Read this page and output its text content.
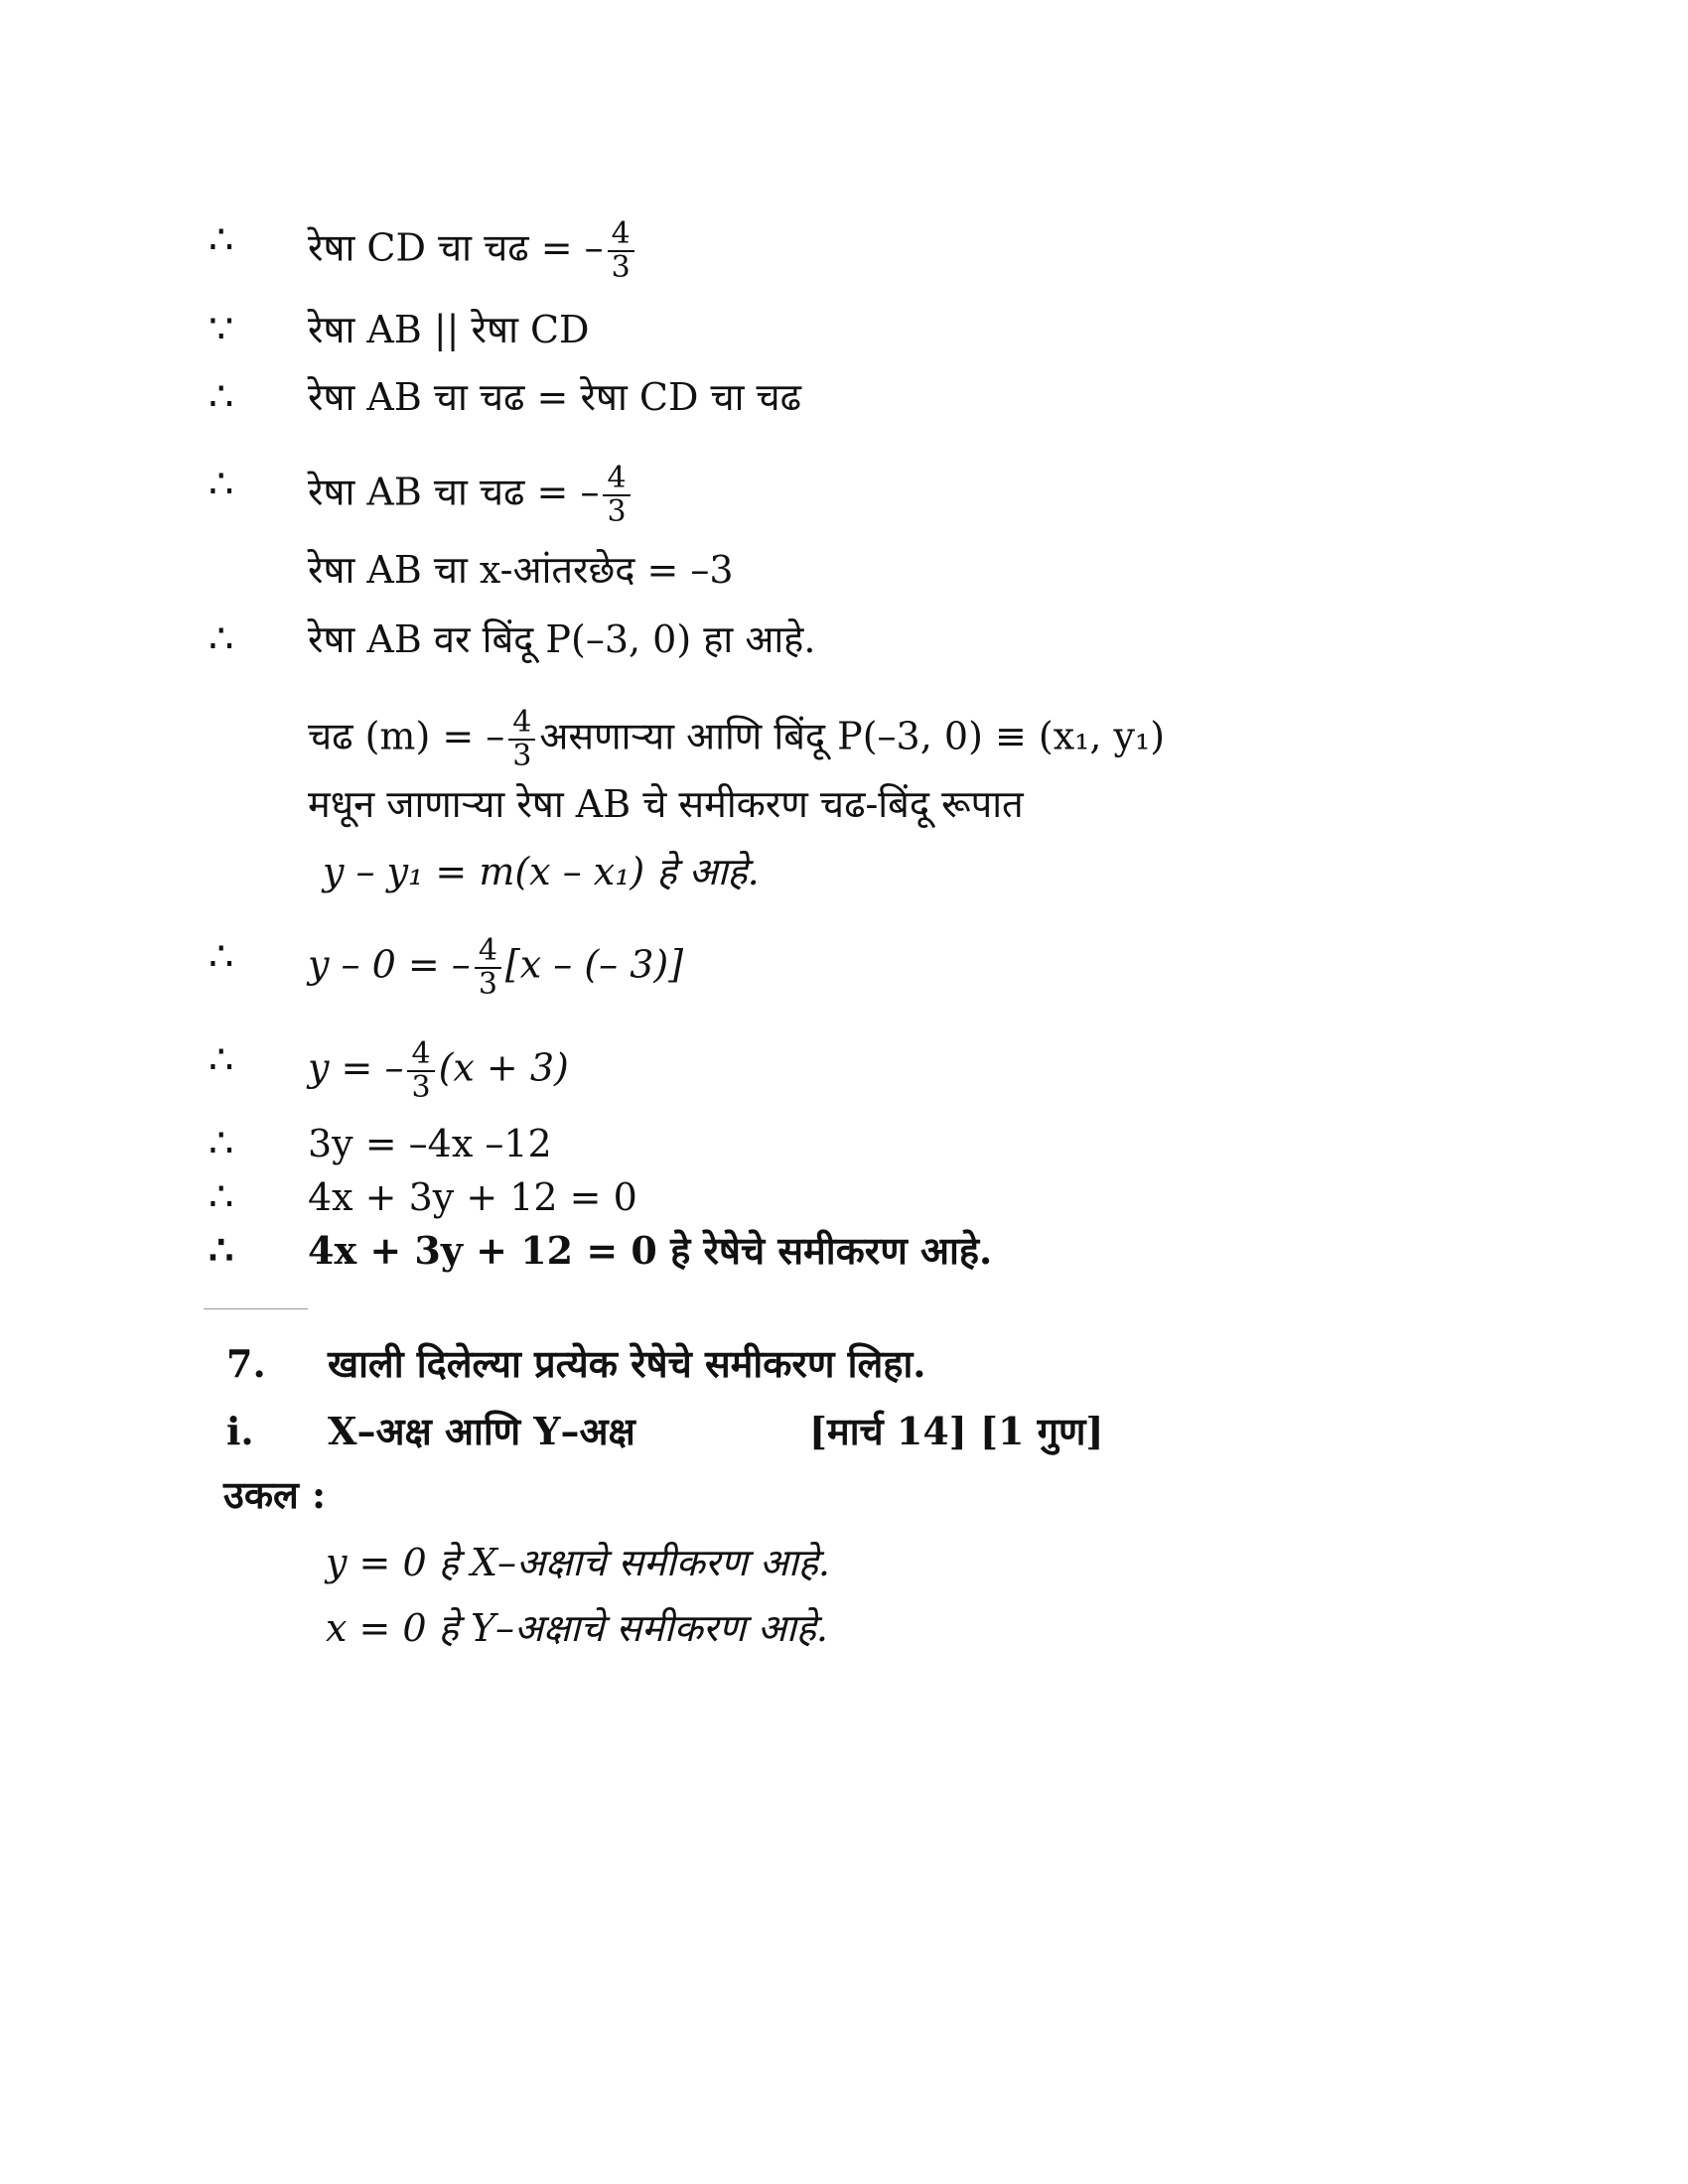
∴ रेषा CD चा चढ = – $\frac{4}{3}$
∵ रेषा AB || रेषा CD
∴ रेषा AB चा चढ = रेषा CD चा चढ
∴ रेषा AB चा चढ = – $\frac{4}{3}$
रेषा AB चा x-आंतरछेद = –3
∴ रेषा AB वर बिंदू P(–3, 0) हा आहे.
चढ (m) = – $\frac{4}{3}$ असणाऱ्या आणि बिंदू P(–3, 0) ≡ (x₁, y₁)
मधून जाणाऱ्या रेषा AB चे समीकरण चढ-बिंदू रूपात
y – y₁ = m(x – x₁) हे आहे.
∴ y – 0 = – $\frac{4}{3} [x$ – (– 3)]
∴ y = – $\frac{4}{3} (x + 3)$
∴ 3y = –4x –12
∴ 4x + 3y + 12 = 0
∴ 4x + 3y + 12 = 0 हे रेषेचे समीकरण आहे.
7. खाली दिलेल्या प्रत्येक रेषेचे समीकरण लिहा.
i. X–अक्ष आणि Y–अक्ष	[मार्च 14] [1 गुण]
उकल :
y = 0 हे X–अक्षाचे समीकरण आहे.
x = 0 हे Y–अक्षाचे समीकरण आहे.
